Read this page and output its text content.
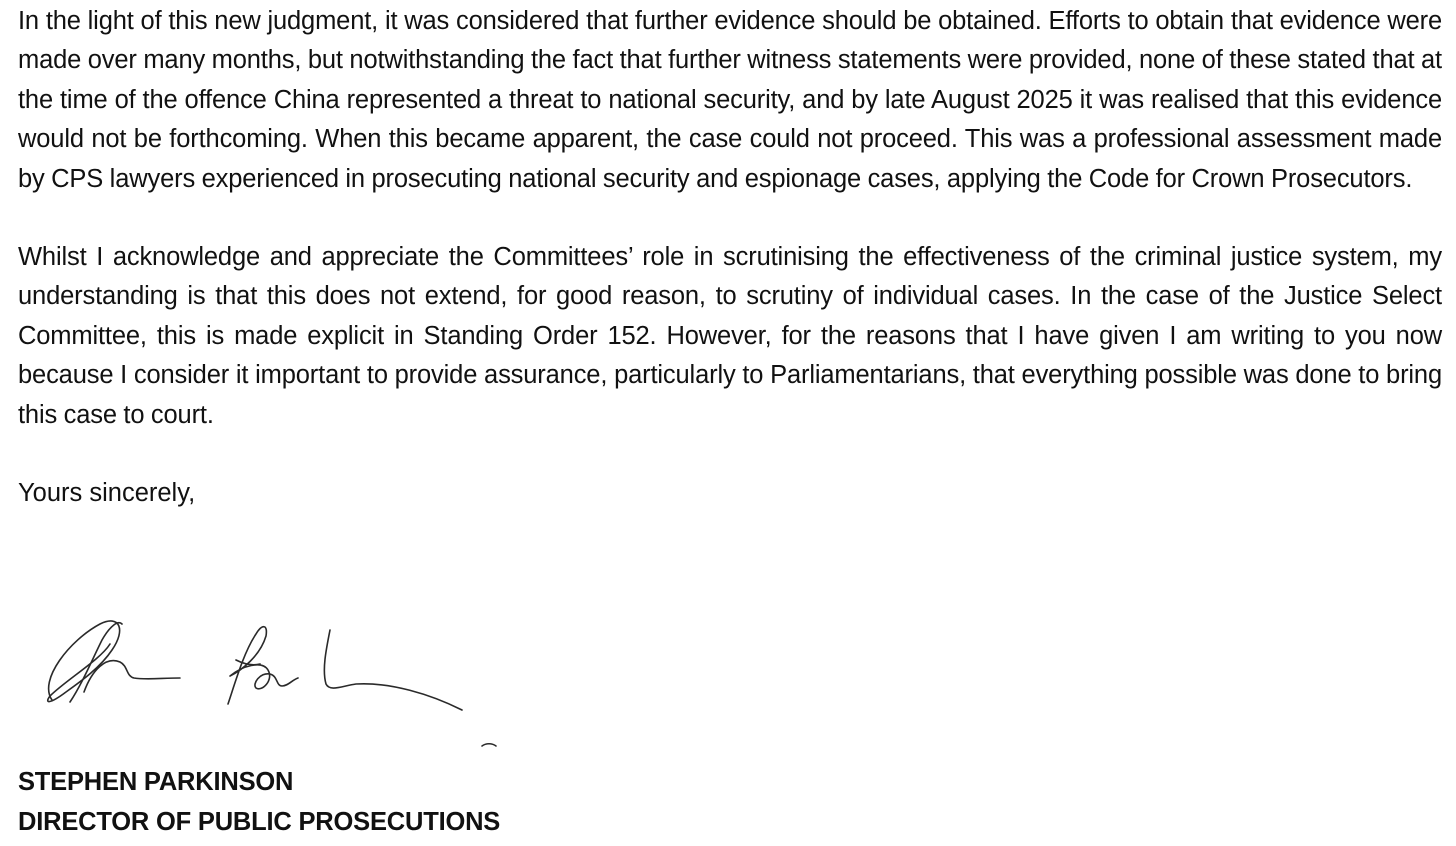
In the light of this new judgment, it was considered that further evidence should be obtained. Efforts to obtain that evidence were made over many months, but notwithstanding the fact that further witness statements were provided, none of these stated that at the time of the offence China represented a threat to national security, and by late August 2025 it was realised that this evidence would not be forthcoming. When this became apparent, the case could not proceed. This was a professional assessment made by CPS lawyers experienced in prosecuting national security and espionage cases, applying the Code for Crown Prosecutors.

Whilst I acknowledge and appreciate the Committees’ role in scrutinising the effectiveness of the criminal justice system, my understanding is that this does not extend, for good reason, to scrutiny of individual cases. In the case of the Justice Select Committee, this is made explicit in Standing Order 152. However, for the reasons that I have given I am writing to you now because I consider it important to provide assurance, particularly to Parliamentarians, that everything possible was done to bring this case to court.

Yours sincerely,

STEPHEN PARKINSON

DIRECTOR OF PUBLIC PROSECUTIONS
